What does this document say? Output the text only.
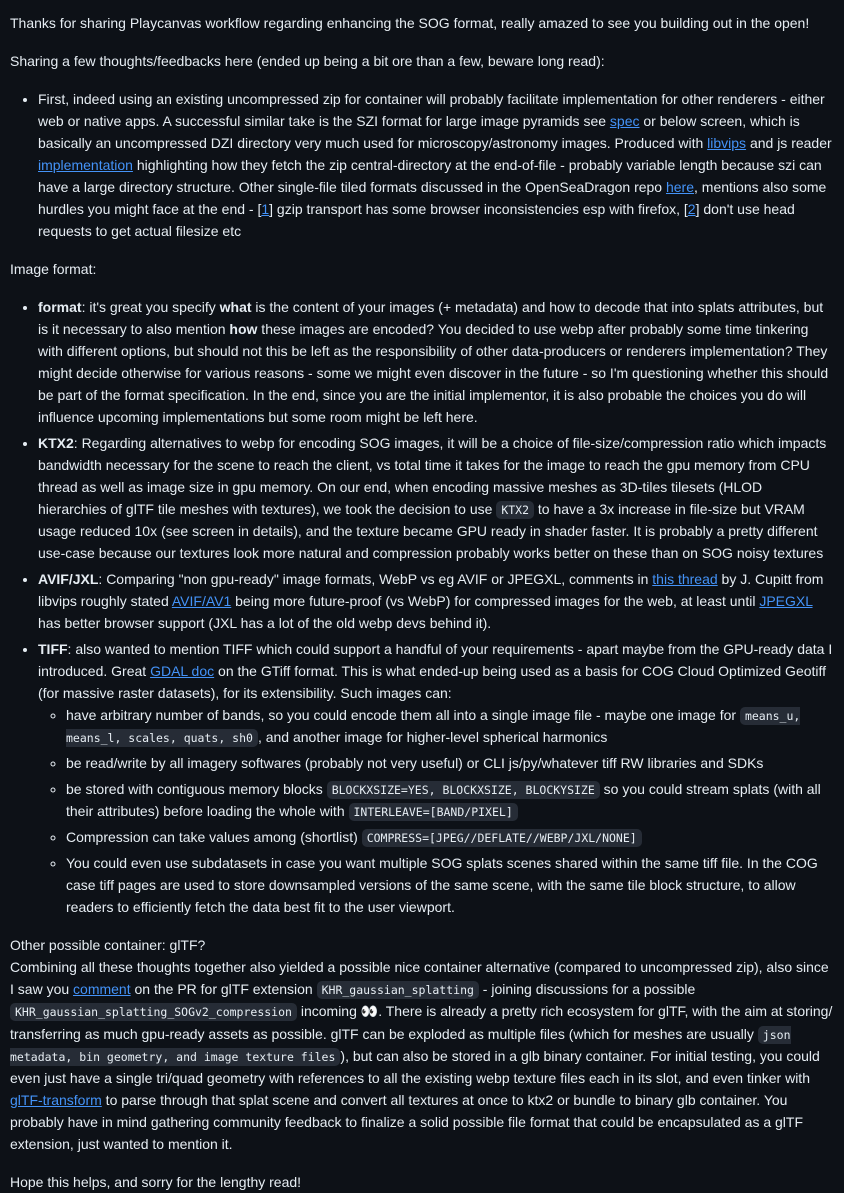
Thanks for sharing Playcanvas workflow regarding enhancing the SOG format, really amazed to see you building out in the open!

Sharing a few thoughts/feedbacks here (ended up being a bit ore than a few, beware long read):

• First, indeed using an existing uncompressed zip for container will probably facilitate implementation for other renderers - either web or native apps. A successful similar take is the SZI format for large image pyramids see spec or below screen, which is basically an uncompressed DZI directory very much used for microscopy/astronomy images. Produced with libvips and js reader implementation highlighting how they fetch the zip central-directory at the end-of-file - probably variable length because szi can have a large directory structure. Other single-file tiled formats discussed in the OpenSeaDragon repo here, mentions also some hurdles you might face at the end - [1] gzip transport has some browser inconsistencies esp with firefox, [2] don't use head requests to get actual filesize etc

Image format:

• format: it's great you specify what is the content of your images (+ metadata) and how to decode that into splats attributes, but is it necessary to also mention how these images are encoded? You decided to use webp after probably some time tinkering with different options, but should not this be left as the responsibility of other data-producers or renderers implementation? They might decide otherwise for various reasons - some we might even discover in the future - so I'm questioning whether this should be part of the format specification. In the end, since you are the initial implementor, it is also probable the choices you do will influence upcoming implementations but some room might be left here.
• KTX2: Regarding alternatives to webp for encoding SOG images, it will be a choice of file-size/compression ratio which impacts bandwidth necessary for the scene to reach the client, vs total time it takes for the image to reach the gpu memory from CPU thread as well as image size in gpu memory. On our end, when encoding massive meshes as 3D-tiles tilesets (HLOD hierarchies of glTF tile meshes with textures), we took the decision to use KTX2 to have a 3x increase in file-size but VRAM usage reduced 10x (see screen in details), and the texture became GPU ready in shader faster. It is probably a pretty different use-case because our textures look more natural and compression probably works better on these than on SOG noisy textures
• AVIF/JXL: Comparing "non gpu-ready" image formats, WebP vs eg AVIF or JPEGXL, comments in this thread by J. Cupitt from libvips roughly stated AVIF/AV1 being more future-proof (vs WebP) for compressed images for the web, at least until JPEGXL has better browser support (JXL has a lot of the old webp devs behind it).
• TIFF: also wanted to mention TIFF which could support a handful of your requirements - apart maybe from the GPU-ready data I introduced. Great GDAL doc on the GTiff format. This is what ended-up being used as a basis for COG Cloud Optimized Geotiff (for massive raster datasets), for its extensibility. Such images can:
◦ have arbitrary number of bands, so you could encode them all into a single image file - maybe one image for means_u, means_l, scales, quats, sh0 , and another image for higher-level spherical harmonics
◦ be read/write by all imagery softwares (probably not very useful) or CLI js/py/whatever tiff RW libraries and SDKs
◦ be stored with contiguous memory blocks BLOCKXSIZE=YES, BLOCKXSIZE, BLOCKYSIZE so you could stream splats (with all their attributes) before loading the whole with INTERLEAVE=[BAND/PIXEL]
◦ Compression can take values among (shortlist) COMPRESS=[JPEG//DEFLATE//WEBP/JXL/NONE]
◦ You could even use subdatasets in case you want multiple SOG splats scenes shared within the same tiff file. In the COG case tiff pages are used to store downsampled versions of the same scene, with the same tile block structure, to allow readers to efficiently fetch the data best fit to the user viewport.

Other possible container: glTF?
Combining all these thoughts together also yielded a possible nice container alternative (compared to uncompressed zip), also since I saw you comment on the PR for glTF extension KHR_gaussian_splatting - joining discussions for a possible KHR_gaussian_splatting_SOGv2_compression incoming 👀. There is already a pretty rich ecosystem for glTF, with the aim at storing/ transferring as much gpu-ready assets as possible. glTF can be exploded as multiple files (which for meshes are usually json metadata, bin geometry, and image texture files ), but can also be stored in a glb binary container. For initial testing, you could even just have a single tri/quad geometry with references to all the existing webp texture files each in its slot, and even tinker with glTF-transform to parse through that splat scene and convert all textures at once to ktx2 or bundle to binary glb container. You probably have in mind gathering community feedback to finalize a solid possible file format that could be encapsulated as a glTF extension, just wanted to mention it.

Hope this helps, and sorry for the lengthy read!
